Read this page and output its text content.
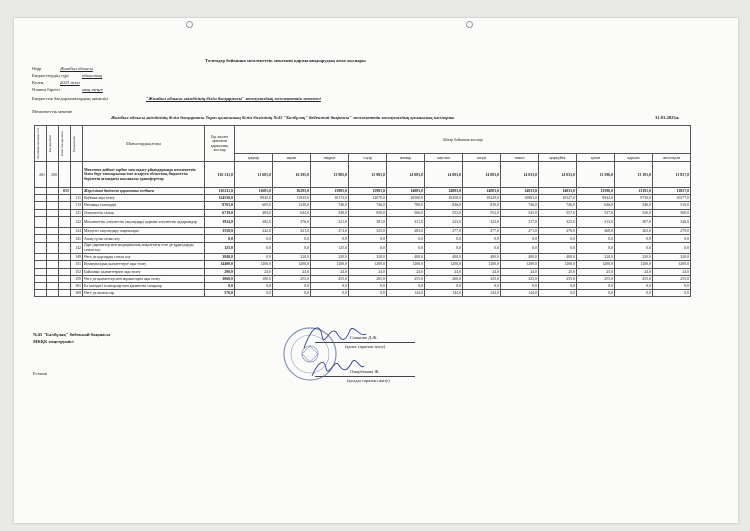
Төлемдер бойынша мемлекеттік мекемені қаржыландырудың жеке жоспары
Өңір	Жамбыл облысы
Бюджеттердің түрі	облыстық
Кезең	2023 жыл
Өлшем бірлігі	мың теңге
Бюджеттік бағдарламалардың әкімшісі	"Жамбыл облысы әкімдігінің білім басқармасы" коммуналдық мемлекеттік мекемесі
Мемлекеттік мекеме
Жамбыл облысы әкімдігінің білім басқармасы Тараз қаласының білім бөлімінің №45 "Балбұлақ" бөбекжай-бақшасы" мемлекеттік коммуналдық қазыналық кәсіпорны	31.03.2023ж
Функционалдық топ	Бағдарлама	Кіші бағдарлама	Ерекшелік	Шығыстардың атауы	Бір жылға арналған қаржылық жоспар	Айлар бойынша жоспар											
						қаңтар	ақпан	наурыз	сәуір	мамыр	маусым	шілде	тамыз	қыркүйек	қазан	қараша	желтоқсан
261	200			Мектепке дейінгі тәрбие мен оқыту ұйымдарында мемлекеттік білім беру тапсырысын іске асыруға облыстық бюджеттен берілетін ағымдағы нысаналы трансферттер	165 211,0	11 681,0	16 295,0	13 985,0	15 981,0	14 083,0	14 083,0	14 083,0	14 033,0	14 033,0	13 596,0	13 191,0	13 857,0
		015		Жергілікті бюджет қаражаты есебінен	165211,0	11681,0	16295,0	13985,0	15981,0	14083,0	14083,0	14083,0	14033,0	14033,0	13596,0	13191,0	13857,0
			111	Еңбекке ақы төлеу	124556,0	8945,0	11925,0	10172,0	12070,0	10500,0	10250,0	10229,0	10863,0	10327,0	9942,0	9750,0	10377,0
			113	Өтемақы төлемдері	8763,0	605,0	1230,0	746,0	746,0	780,0	846,0	810,0	746,0	746,0	646,0	546,0	516,0
			121	Әлеуметтік салық	6719,0	483,0	644,0	548,0	650,0	566,0	553,0	552,0	543,0	557,0	537,0	526,0	560,0
			122	Мемлекеттік әлеуметтік сақтандыру қорына әлеуметтік аударымдар	3924,0	282,0	376,0	321,0	381,0	331,0	323,0	322,0	317,0	325,0	313,0	307,0	326,0
			124	Міндетті сақтандыру жарналары	3550,0	242,0	321,0	274,0	325,0	283,0	277,0	277,0	271,0	278,0	268,0	263,0	279,0
			141	Азық-түлік сатып алу	0,0	0,0	0,0	0,0	0,0	0,0	0,0	0,0	0,0	0,0	0,0	0,0	0,0
			142	Дәрі-дәрмектер мен медициналық мақсаттағы өзге де құралдарды сатып алу	125,0	0,0	0,0	125,0	0,0	0,0	0,0	0,0	0,0	0,0	0,0	0,0	0,0
			149	Өзге де қорларды сатып алу	3840,0	0,0	320,0	320,0	320,0	400,0	400,0	400,0	400,0	400,0	320,0	320,0	320,0
			151	Коммуналдық қызметтерге ақы төлеу	14400,0	1200,0	1200,0	1200,0	1200,0	1200,0	1200,0	1200,0	1200,0	1200,0	1200,0	1200,0	1200,0
			152	Байланыс қызметтеріне ақы төлеу	290,0	24,0	24,0	24,0	24,0	24,0	24,0	24,0	24,0	25,0	25,0	24,0	24,0
			159	Өзге де қызметтер мен жұмыстарға ақы төлеу	3060,0	100,0	255,0	255,0	265,0	255,0	260,0	325,0	325,0	255,0	255,0	255,0	255,0
			161	Ел ішіндегі іссапарлар мен қызметтік сапарлар	0,0	0,0	0,0	0,0	0,0	0,0	0,0	0,0	0,0	0,0	0,0	0,0	0,0
			169	Өзге де шығыстар	576,0	0,0	0,0	0,0	0,0	144,0	144,0	144,0	144,0	0,0	0,0	0,0	0,0
№45 "Балбұлақ" бөбекжай-бақшасы
МКҚК меңгерушісі
Сманова Д.Ж.
(қолы таратып жазу)
Есепші	Омарбекова Ж.
(қолды таратып жазу)
